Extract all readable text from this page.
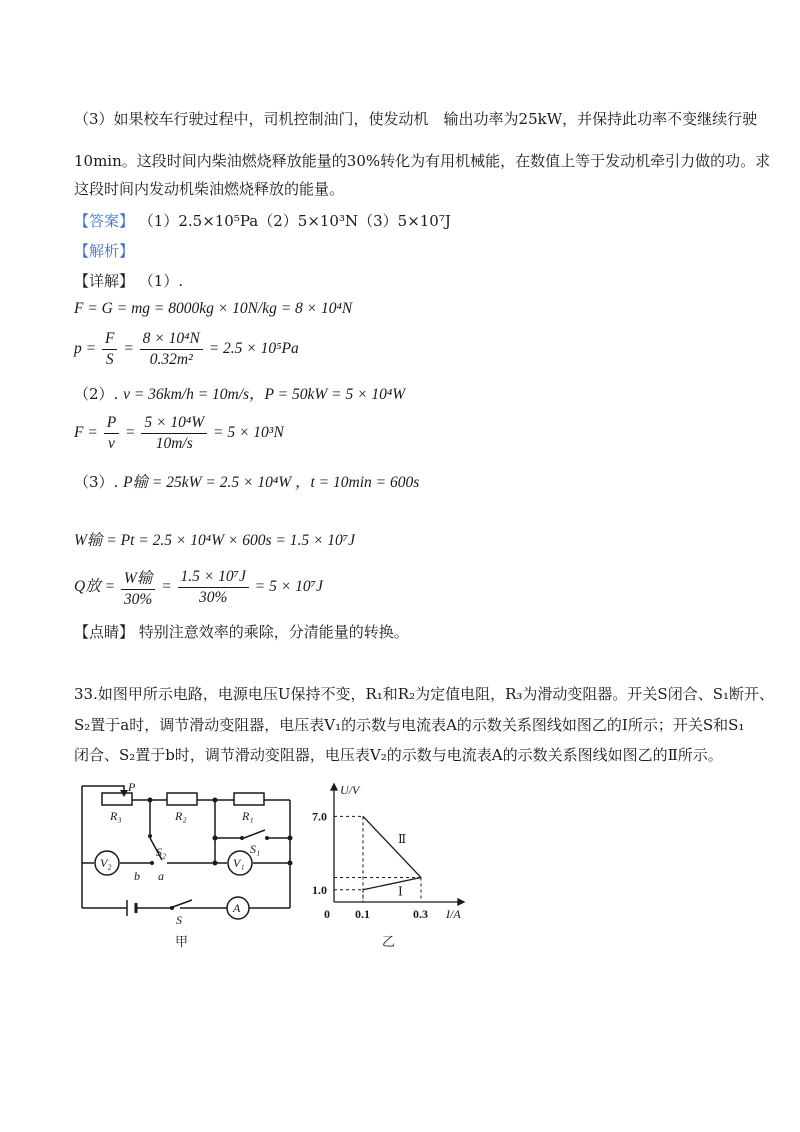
（3）如果校车行驶过程中，司机控制油门，使发动机　输出功率为25kW，并保持此功率不变继续行驶
10min。这段时间内柴油燃烧释放能量的30%转化为有用机械能，在数值上等于发动机牵引力做的功。求
这段时间内发动机柴油燃烧释放的能量。
【答案】 （1）2.5⨯10⁵Pa（2）5⨯10³N（3）5×10⁷J
【解析】
【详解】 （1）.
F = G = mg = 8000kg × 10N/kg = 8 × 10⁴N
$p = \frac{F}{S} = \frac{\text{8 × 10⁴N}}{\text{0.32m²}} = 2.5 \times 10^5Pa$
（2）. v = 36km/h = 10m/s，P = 50kW = 5 × 10⁴W
$F = \frac{P}{v} = \frac{\text{5 × 10⁴W}}{10m/s} = 5 \times 10^3N$
（3）. P输 = 25kW = 2.5 × 10⁴W ，t = 10min = 600s
W输 = Pt = 2.5 × 10⁴W × 600s = 1.5 × 10⁷J
Q放 = $\frac{\text{W输}}{30\%} = \frac{\text{1.5 × 10⁷J}}{30\%} = 5 \times 10^7J$
【点睛】 特别注意效率的乘除，分清能量的转换。
33.如图甲所示电路，电源电压U保持不变，R₁和R₂为定值电阻，R₃为滑动变阻器。开关S闭合、S₁断开、
S₂置于a时，调节滑动变阻器，电压表V₁的示数与电流表A的示数关系图线如图乙的Ⅰ所示；开关S和S₁
闭合、S₂置于b时，调节滑动变阻器，电压表V₂的示数与电流表A的示数关系图线如图乙的Ⅱ所示。
P
R₃	R₂	R₁
S₁
S₂
V₂	V₁
a
b
S
A
甲
Ⅱ
Ⅰ
7.0
1.0
0.1	0.3
0
U/V
I/A
乙
